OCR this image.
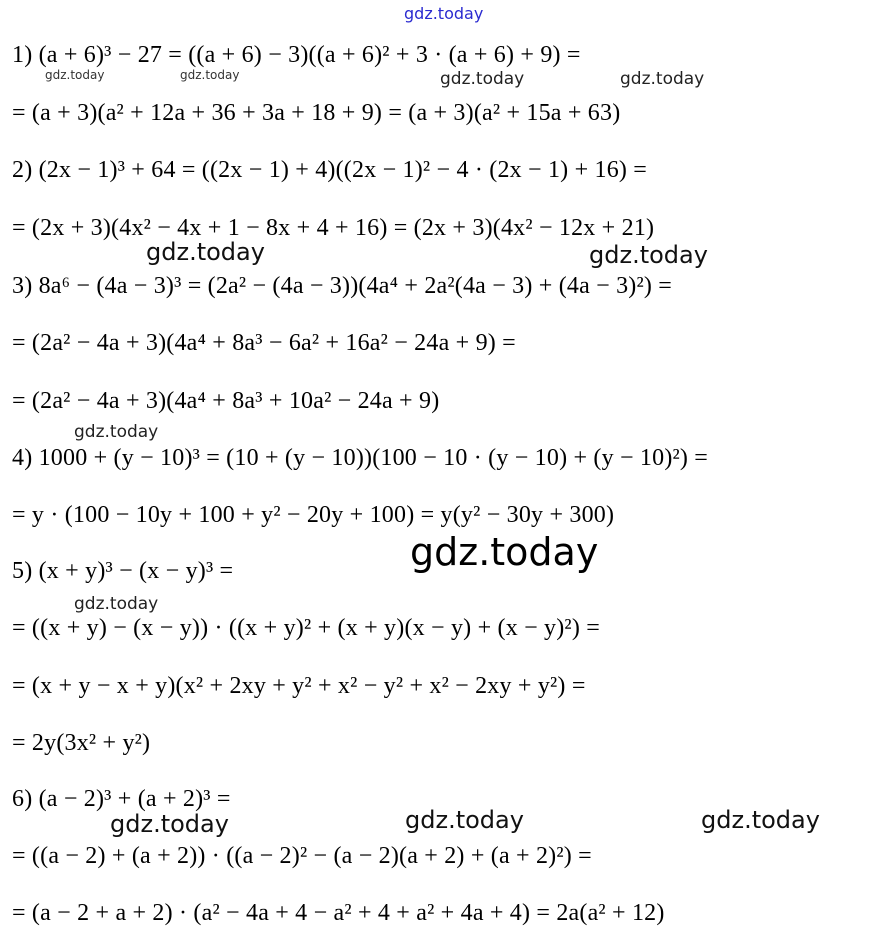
1) (a + 6)³ − 27 = ((a + 6) − 3)((a + 6)² + 3 · (a + 6) + 9) =
= (a + 3)(a² + 12a + 36 + 3a + 18 + 9) = (a + 3)(a² + 15a + 63)
2) (2x − 1)³ + 64 = ((2x − 1) + 4)((2x − 1)² − 4 · (2x − 1) + 16) =
= (2x + 3)(4x² − 4x + 1 − 8x + 4 + 16) = (2x + 3)(4x² − 12x + 21)
3) 8a⁶ − (4a − 3)³ = (2a² − (4a − 3))(4a⁴ + 2a²(4a − 3) + (4a − 3)²) =
= (2a² − 4a + 3)(4a⁴ + 8a³ − 6a² + 16a² − 24a + 9) =
= (2a² − 4a + 3)(4a⁴ + 8a³ + 10a² − 24a + 9)
4) 1000 + (y − 10)³ = (10 + (y − 10))(100 − 10 · (y − 10) + (y − 10)²) =
= y · (100 − 10y + 100 + y² − 20y + 100) = y(y² − 30y + 300)
5) (x + y)³ − (x − y)³ =
= ((x + y) − (x − y)) · ((x + y)² + (x + y)(x − y) + (x − y)²) =
= (x + y − x + y)(x² + 2xy + y² + x² − y² + x² − 2xy + y²) =
= 2y(3x² + y²)
6) (a − 2)³ + (a + 2)³ =
= ((a − 2) + (a + 2)) · ((a − 2)² − (a − 2)(a + 2) + (a + 2)²) =
= (a − 2 + a + 2) · (a² − 4a + 4 − a² + 4 + a² + 4a + 4) = 2a(a² + 12)
gdz.today
gdz.today	gdz.today	gdz.today	gdz.today
gdz.today	gdz.today
gdz.today
gdz.today
gdz.today
gdz.today	gdz.today	gdz.today
